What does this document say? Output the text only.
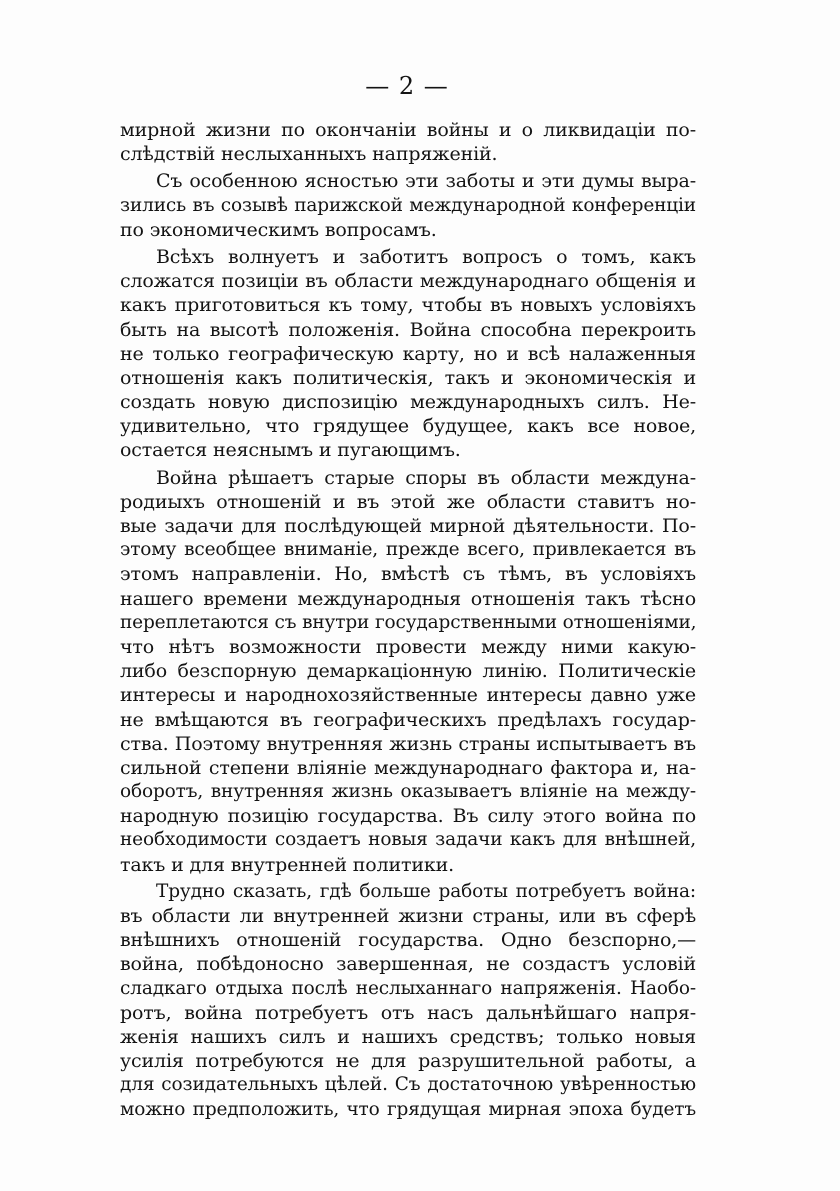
— 2 —
мирной жизни по окончаніи войны и о ликвидаціи по-
слѣдствій неслыханныхъ напряженій.
Съ особенною ясностью эти заботы и эти думы выра-
зились въ созывѣ парижской международной конференціи
по экономическимъ вопросамъ.
Всѣхъ волнуетъ и заботитъ вопросъ о томъ, какъ
сложатся позиціи въ области международнаго общенія и
какъ приготовиться къ тому, чтобы въ новыхъ условіяхъ
быть на высотѣ положенія. Война способна перекроить
не только географическую карту, но и всѣ налаженныя
отношенія какъ политическія, такъ и экономическія и
создать новую диспозицію международныхъ силъ. Не-
удивительно, что грядущее будущее, какъ все новое,
остается неяснымъ и пугающимъ.
Война рѣшаетъ старые споры въ области междуна-
родиыхъ отношеній и въ этой же области ставитъ но-
вые задачи для послѣдующей мирной дѣятельности. По-
этому всеобщее вниманіе, прежде всего, привлекается въ
этомъ направленіи. Но, вмѣстѣ съ тѣмъ, въ условіяхъ
нашего времени международныя отношенія такъ тѣсно
переплетаются съ внутри государственными отношеніями,
что нѣтъ возможности провести между ними какую-
либо безспорную демаркаціонную линію. Политическіе
интересы и народнохозяйственные интересы давно уже
не вмѣщаются въ географическихъ предѣлахъ государ-
ства. Поэтому внутренняя жизнь страны испытываетъ въ
сильной степени вліяніе международнаго фактора и, на-
оборотъ, внутренняя жизнь оказываетъ вліяніе на между-
народную позицію государства. Въ силу этого война по
необходимости создаетъ новыя задачи какъ для внѣшней,
такъ и для внутренней политики.
Трудно сказать, гдѣ больше работы потребуетъ война:
въ области ли внутренней жизни страны, или въ сферѣ
внѣшнихъ отношеній государства. Одно безспорно,—
война, побѣдоносно завершенная, не создастъ условій
сладкаго отдыха послѣ неслыханнаго напряженія. Наобо-
ротъ, война потребуетъ отъ насъ дальнѣйшаго напря-
женія нашихъ силъ и нашихъ средствъ; только новыя
усилія потребуются не для разрушительной работы, а
для созидательныхъ цѣлей. Съ достаточною увѣренностью
можно предположить, что грядущая мирная эпоха будетъ
